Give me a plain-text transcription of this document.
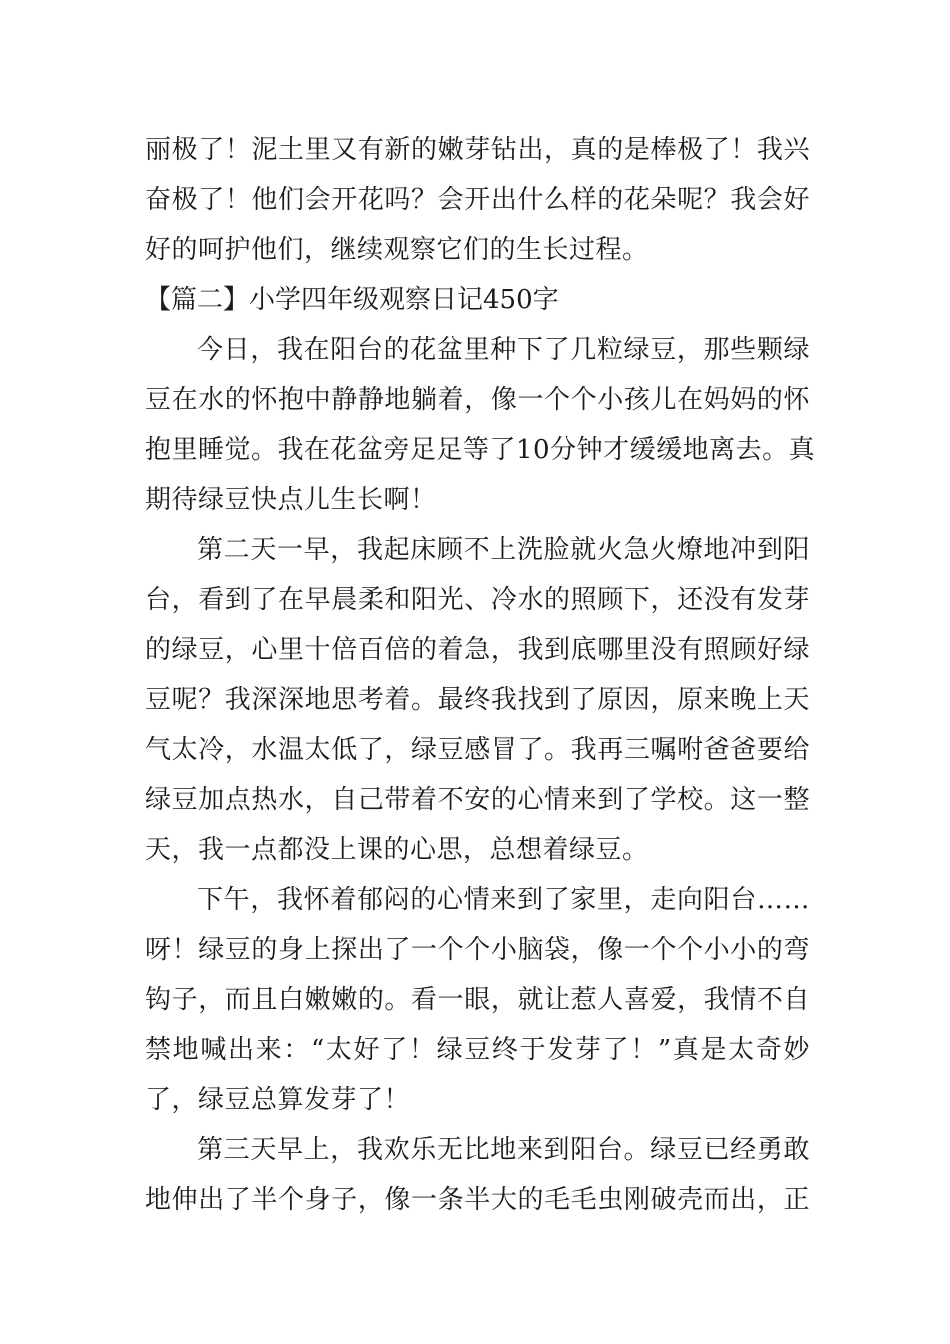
丽极了！泥土里又有新的嫩芽钻出，真的是棒极了！我兴
奋极了！他们会开花吗？会开出什么样的花朵呢？我会好
好的呵护他们，继续观察它们的生长过程。
【篇二】小学四年级观察日记450字
今日，我在阳台的花盆里种下了几粒绿豆，那些颗绿
豆在水的怀抱中静静地躺着，像一个个小孩儿在妈妈的怀
抱里睡觉。我在花盆旁足足等了10分钟才缓缓地离去。真
期待绿豆快点儿生长啊！
第二天一早，我起床顾不上洗脸就火急火燎地冲到阳
台，看到了在早晨柔和阳光、冷水的照顾下，还没有发芽
的绿豆，心里十倍百倍的着急，我到底哪里没有照顾好绿
豆呢？我深深地思考着。最终我找到了原因，原来晚上天
气太冷，水温太低了，绿豆感冒了。我再三嘱咐爸爸要给
绿豆加点热水，自己带着不安的心情来到了学校。这一整
天，我一点都没上课的心思，总想着绿豆。
下午，我怀着郁闷的心情来到了家里，走向阳台……
呀！绿豆的身上探出了一个个小脑袋，像一个个小小的弯
钩子，而且白嫩嫩的。看一眼，就让惹人喜爱，我情不自
禁地喊出来：“太好了！绿豆终于发芽了！”真是太奇妙
了，绿豆总算发芽了！
第三天早上，我欢乐无比地来到阳台。绿豆已经勇敢
地伸出了半个身子，像一条半大的毛毛虫刚破壳而出，正
